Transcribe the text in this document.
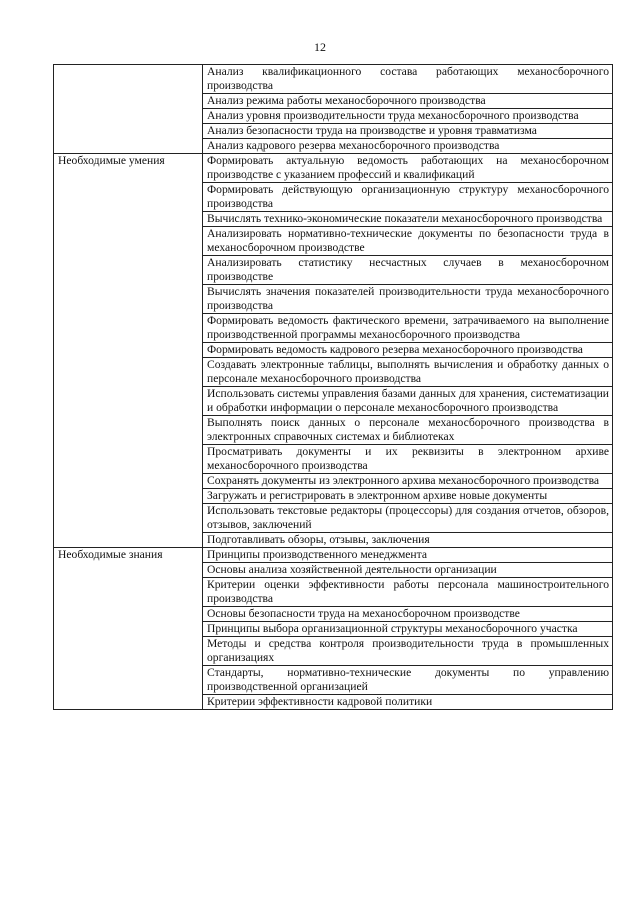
12
	Анализ квалификационного состава работающих механосборочного производства
	Анализ режима работы механосборочного производства
	Анализ уровня производительности труда механосборочного производства
	Анализ безопасности труда на производстве и уровня травматизма
	Анализ кадрового резерва механосборочного производства
Необходимые умения	Формировать актуальную ведомость работающих на механосборочном производстве с указанием профессий и квалификаций
	Формировать действующую организационную структуру механосборочного производства
	Вычислять технико-экономические показатели механосборочного производства
	Анализировать нормативно-технические документы по безопасности труда в механосборочном производстве
	Анализировать статистику несчастных случаев в механосборочном производстве
	Вычислять значения показателей производительности труда механосборочного производства
	Формировать ведомость фактического времени, затрачиваемого на выполнение производственной программы механосборочного производства
	Формировать ведомость кадрового резерва механосборочного производства
	Создавать электронные таблицы, выполнять вычисления и обработку данных о персонале механосборочного производства
	Использовать системы управления базами данных для хранения, систематизации и обработки информации о персонале механосборочного производства
	Выполнять поиск данных о персонале механосборочного производства в электронных справочных системах и библиотеках
	Просматривать документы и их реквизиты в электронном архиве механосборочного производства
	Сохранять документы из электронного архива механосборочного производства
	Загружать и регистрировать в электронном архиве новые документы
	Использовать текстовые редакторы (процессоры) для создания отчетов, обзоров, отзывов, заключений
	Подготавливать обзоры, отзывы, заключения
Необходимые знания	Принципы производственного менеджмента
	Основы анализа хозяйственной деятельности организации
	Критерии оценки эффективности работы персонала машиностроительного производства
	Основы безопасности труда на механосборочном производстве
	Принципы выбора организационной структуры механосборочного участка
	Методы и средства контроля производительности труда в промышленных организациях
	Стандарты, нормативно-технические документы по управлению производственной организацией
	Критерии эффективности кадровой политики
